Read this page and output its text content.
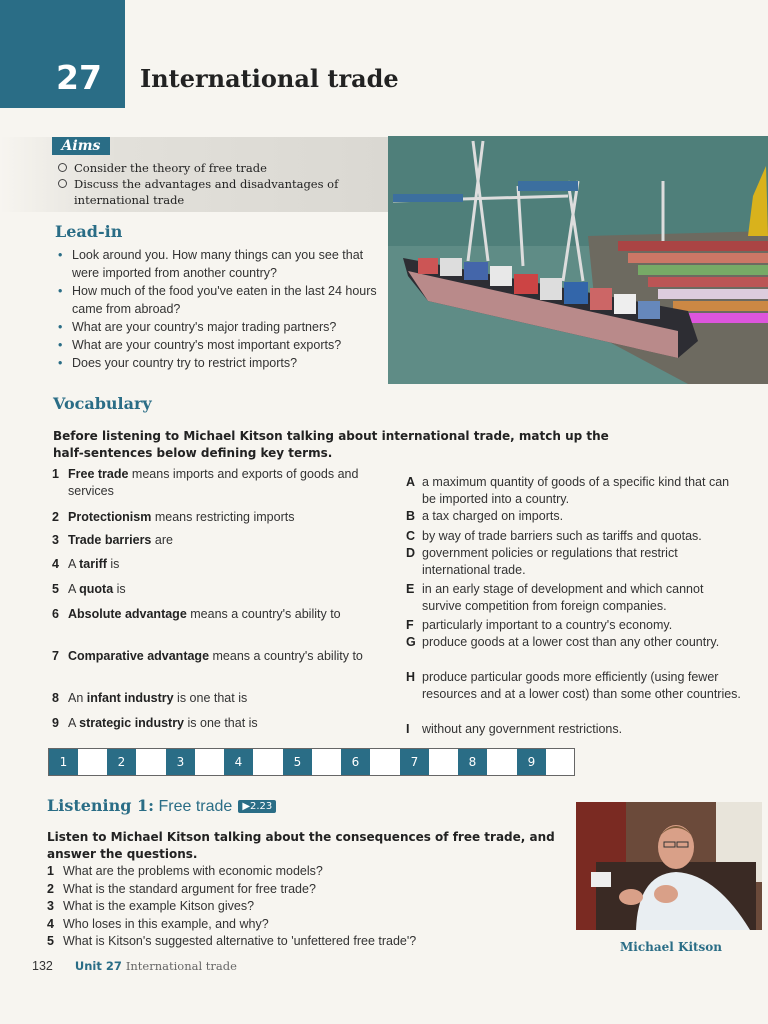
27 International trade
Aims
Consider the theory of free trade
Discuss the advantages and disadvantages of international trade
Lead-in
• Look around you. How many things can you see that were imported from another country?
• How much of the food you've eaten in the last 24 hours came from abroad?
• What are your country's major trading partners?
• What are your country's most important exports?
• Does your country try to restrict imports?
Vocabulary
Before listening to Michael Kitson talking about international trade, match up the half-sentences below defining key terms.
1 Free trade means imports and exports of goods and services
2 Protectionism means restricting imports
3 Trade barriers are
4 A tariff is
5 A quota is
6 Absolute advantage means a country's ability to
7 Comparative advantage means a country's ability to
8 An infant industry is one that is
9 A strategic industry is one that is
A a maximum quantity of goods of a specific kind that can be imported into a country.
B a tax charged on imports.
C by way of trade barriers such as tariffs and quotas.
D government policies or regulations that restrict international trade.
E in an early stage of development and which cannot survive competition from foreign companies.
F particularly important to a country's economy.
G produce goods at a lower cost than any other country.
H produce particular goods more efficiently (using fewer resources and at a lower cost) than some other countries.
I	without any government restrictions.
1	2	3	4	5	6	7	8	9
Listening 1: Free trade ▶2.23
Listen to Michael Kitson talking about the consequences of free trade, and answer the questions.
1 What are the problems with economic models?
2 What is the standard argument for free trade?
3 What is the example Kitson gives?
4 Who loses in this example, and why?
5 What is Kitson's suggested alternative to 'unfettered free trade'?	Michael Kitson
132 Unit 27 International trade
